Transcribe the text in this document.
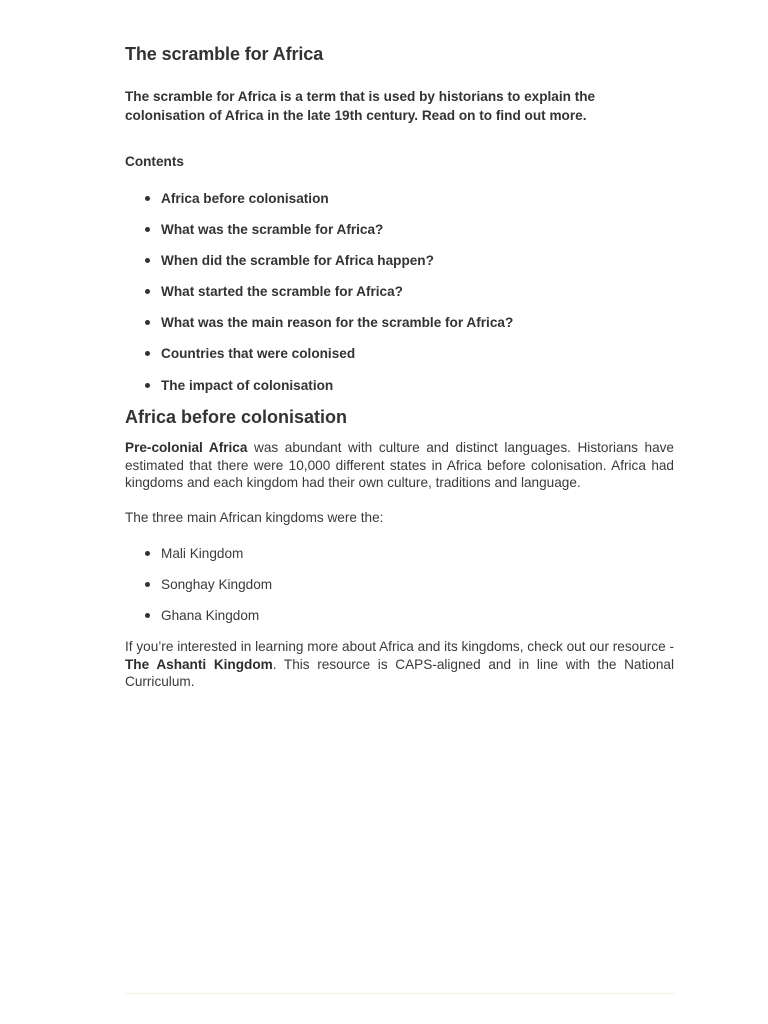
The scramble for Africa

The scramble for Africa is a term that is used by historians to explain the colonisation of Africa in the late 19th century. Read on to find out more.

Contents

Africa before colonisation
What was the scramble for Africa?
When did the scramble for Africa happen?
What started the scramble for Africa?
What was the main reason for the scramble for Africa?
Countries that were colonised
The impact of colonisation
Africa before colonisation

Pre-colonial Africa was abundant with culture and distinct languages. Historians have estimated that there were 10,000 different states in Africa before colonisation. Africa had kingdoms and each kingdom had their own culture, traditions and language.

The three main African kingdoms were the:

Mali Kingdom
Songhay Kingdom
Ghana Kingdom

If you’re interested in learning more about Africa and its kingdoms, check out our resource - The Ashanti Kingdom. This resource is CAPS-aligned and in line with the National Curriculum.
